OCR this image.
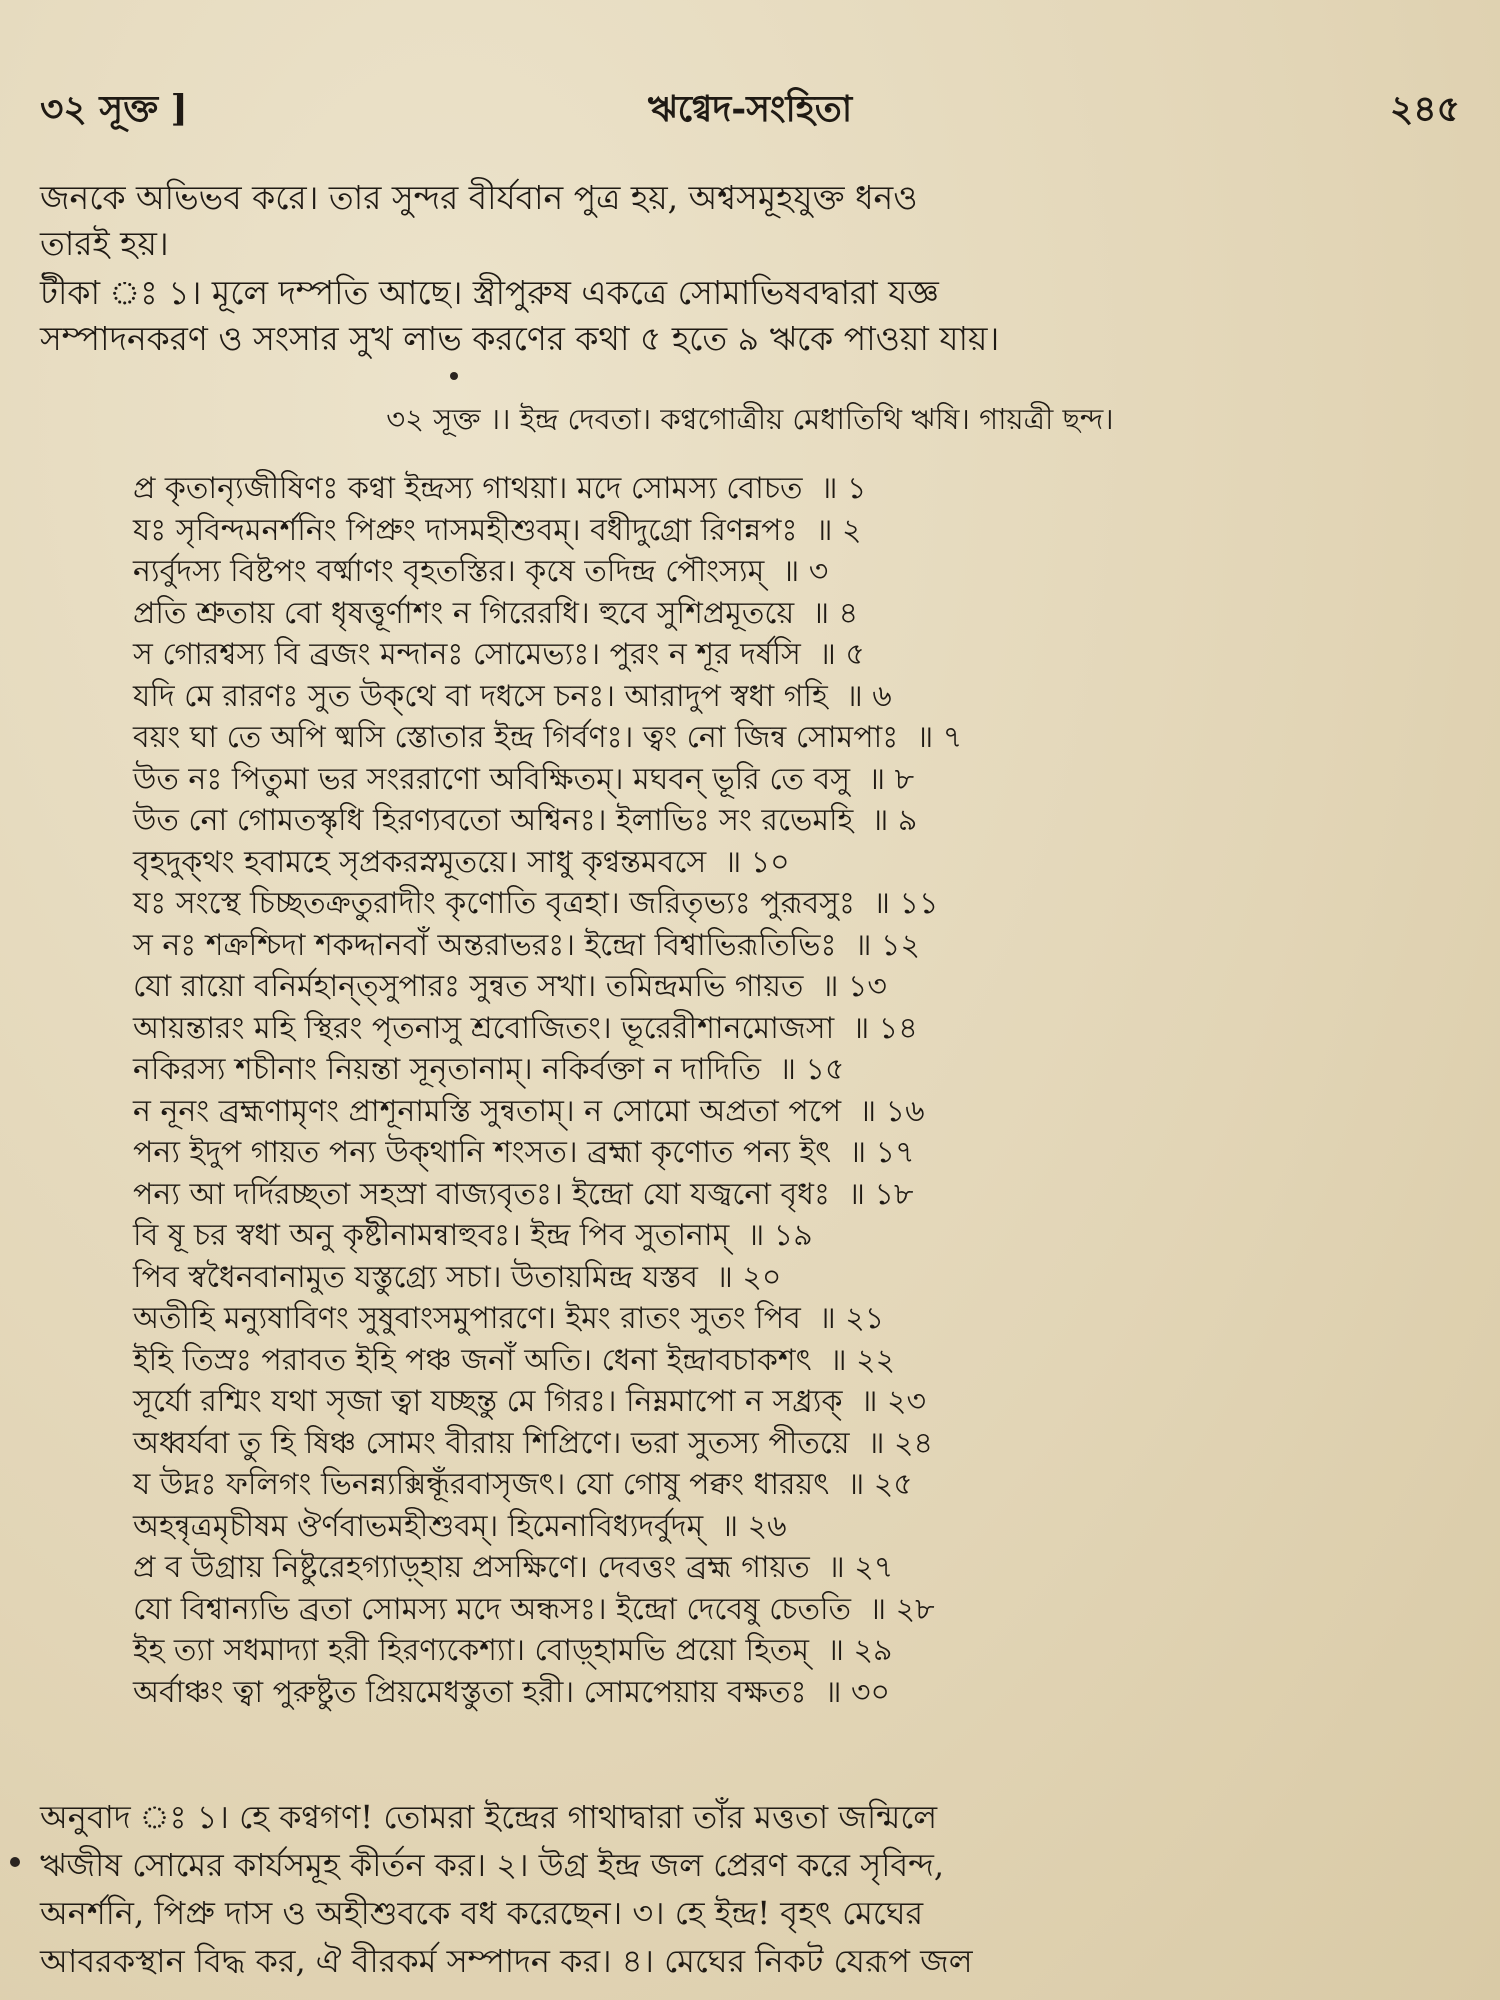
৩২ সূক্ত ]	ঋগ্বেদ-সংহিতা	২৪৫

জনকে অভিভব করে। তার সুন্দর বীর্যবান পুত্র হয়, অশ্বসমূহযুক্ত ধনও

তারই হয়।

টীকা ঃ ১। মূলে দম্পতি আছে। স্ত্রীপুরুষ একত্রে সোমাভিষবদ্বারা যজ্ঞ

সম্পাদনকরণ ও সংসার সুখ লাভ করণের কথা ৫ হতে ৯ ঋকে পাওয়া যায়।

৩২ সূক্ত ।। ইন্দ্র দেবতা। কণ্বগোত্রীয় মেধাতিথি ঋষি। গায়ত্রী ছন্দ।
প্র কৃতান্যৃজীষিণঃ কণ্বা ইন্দ্রস্য গাথয়া। মদে সোমস্য বোচত ॥ ১
যঃ সৃবিন্দমনর্শনিং পিপ্রুং দাসমহীশুবম্। বধীদুগ্রো রিণন্নপঃ ॥ ২
ন্যর্বুদস্য বিষ্টপং বর্ষ্মাণং বৃহতস্তির। কৃষে তদিন্দ্র পৌংস্যম্ ॥ ৩
প্রতি শ্রুতায় বো ধৃষত্তূর্ণাশং ন গিরেরধি। হুবে সুশিপ্রমূতয়ে ॥ ৪
স গোরশ্বস্য বি ব্রজং মন্দানঃ সোমেভ্যঃ। পুরং ন শূর দর্ষসি ॥ ৫
যদি মে রারণঃ সুত উক্‌থে বা দধসে চনঃ। আরাদুপ স্বধা গহি ॥ ৬
বয়ং ঘা তে অপি ষ্মসি স্তোতার ইন্দ্র গির্বণঃ। ত্বং নো জিন্ব সোমপাঃ ॥ ৭
উত নঃ পিতুমা ভর সংররাণো অবিক্ষিতম্। মঘবন্ ভূরি তে বসু ॥ ৮
উত নো গোমতস্কৃধি হিরণ্যবতো অশ্বিনঃ। ইলাভিঃ সং রভেমহি ॥ ৯
বৃহদুক্‌থং হবামহে সৃপ্রকরস্নমূতয়ে। সাধু কৃণ্বন্তমবসে ॥ ১০
যঃ সংস্থে চিচ্ছতক্রতুরাদীং কৃণোতি বৃত্রহা। জরিতৃভ্যঃ পুরূবসুঃ ॥ ১১
স নঃ শক্রশ্চিদা শকদ্দানবাঁ অন্তরাভরঃ। ইন্দ্রো বিশ্বাভিরূতিভিঃ ॥ ১২
যো রায়ো বনির্মহান্ত্সুপারঃ সুন্বত সখা। তমিন্দ্রমভি গায়ত ॥ ১৩
আয়ন্তারং মহি স্থিরং পৃতনাসু শ্রবোজিতং। ভূরেরীশানমোজসা ॥ ১৪
নকিরস্য শচীনাং নিয়ন্তা সূনৃতানাম্। নকির্বক্তা ন দাদিতি ॥ ১৫
ন নূনং ব্রহ্মণামৃণং প্রাশূনামস্তি সুন্বতাম্। ন সোমো অপ্রতা পপে ॥ ১৬
পন্য ইদুপ গায়ত পন্য উক্‌থানি শংসত। ব্রহ্মা কৃণোত পন্য ইৎ ॥ ১৭
পন্য আ দর্দিরচ্ছতা সহস্রা বাজ্যবৃতঃ। ইন্দ্রো যো যজ্বনো বৃধঃ ॥ ১৮
বি ষূ চর স্বধা অনু কৃষ্টীনামন্বাহুবঃ। ইন্দ্র পিব সুতানাম্ ॥ ১৯
পিব স্বধৈনবানামুত যস্তুগ্র্যে সচা। উতায়মিন্দ্র যস্তব ॥ ২০
অতীহি মন্যুষাবিণং সুষুবাংসমুপারণে। ইমং রাতং সুতং পিব ॥ ২১
ইহি তিস্রঃ পরাবত ইহি পঞ্চ জনাঁ অতি। ধেনা ইন্দ্রাবচাকশৎ ॥ ২২
সূর্যো রশ্মিং যথা সৃজা ত্বা যচ্ছন্তু মে গিরঃ। নিম্নমাপো ন সধ্র্যক্ ॥ ২৩
অধ্বর্যবা তু হি ষিঞ্চ সোমং বীরায় শিপ্রিণে। ভরা সুতস্য পীতয়ে ॥ ২৪
য উদ্নঃ ফলিগং ভিনন্ন্যক্সিন্ধূঁরবাসৃজৎ। যো গোষু পক্বং ধারয়ৎ ॥ ২৫
অহন্বৃত্রমৃচীষম ঔর্ণবাভমহীশুবম্। হিমেনাবিধ্যদর্বুদম্ ॥ ২৬
প্র ব উগ্রায় নিষ্টুরেহগ্যাড়্হায় প্রসক্ষিণে। দেবত্তং ব্রহ্ম গায়ত ॥ ২৭
যো বিশ্বান্যভি ব্রতা সোমস্য মদে অন্ধসঃ। ইন্দ্রো দেবেষু চেততি ॥ ২৮
ইহ ত্যা সধমাদ্যা হরী হিরণ্যকেশ্যা। বোড়্হামভি প্রয়ো হিতম্ ॥ ২৯
অর্বাঞ্চং ত্বা পুরুষ্টুত প্রিয়মেধস্তুতা হরী। সোমপেয়ায় বক্ষতঃ ॥ ৩০

অনুবাদ ঃ ১। হে কণ্বগণ! তোমরা ইন্দ্রের গাথাদ্বারা তাঁর মত্ততা জন্মিলে

ঋজীষ সোমের কার্যসমূহ কীর্তন কর। ২। উগ্র ইন্দ্র জল প্রেরণ করে সৃবিন্দ,

অনর্শনি, পিপ্রু দাস ও অহীশুবকে বধ করেছেন। ৩। হে ইন্দ্র! বৃহৎ মেঘের

আবরকস্থান বিদ্ধ কর, ঐ বীরকর্ম সম্পাদন কর। ৪। মেঘের নিকট যেরূপ জল
